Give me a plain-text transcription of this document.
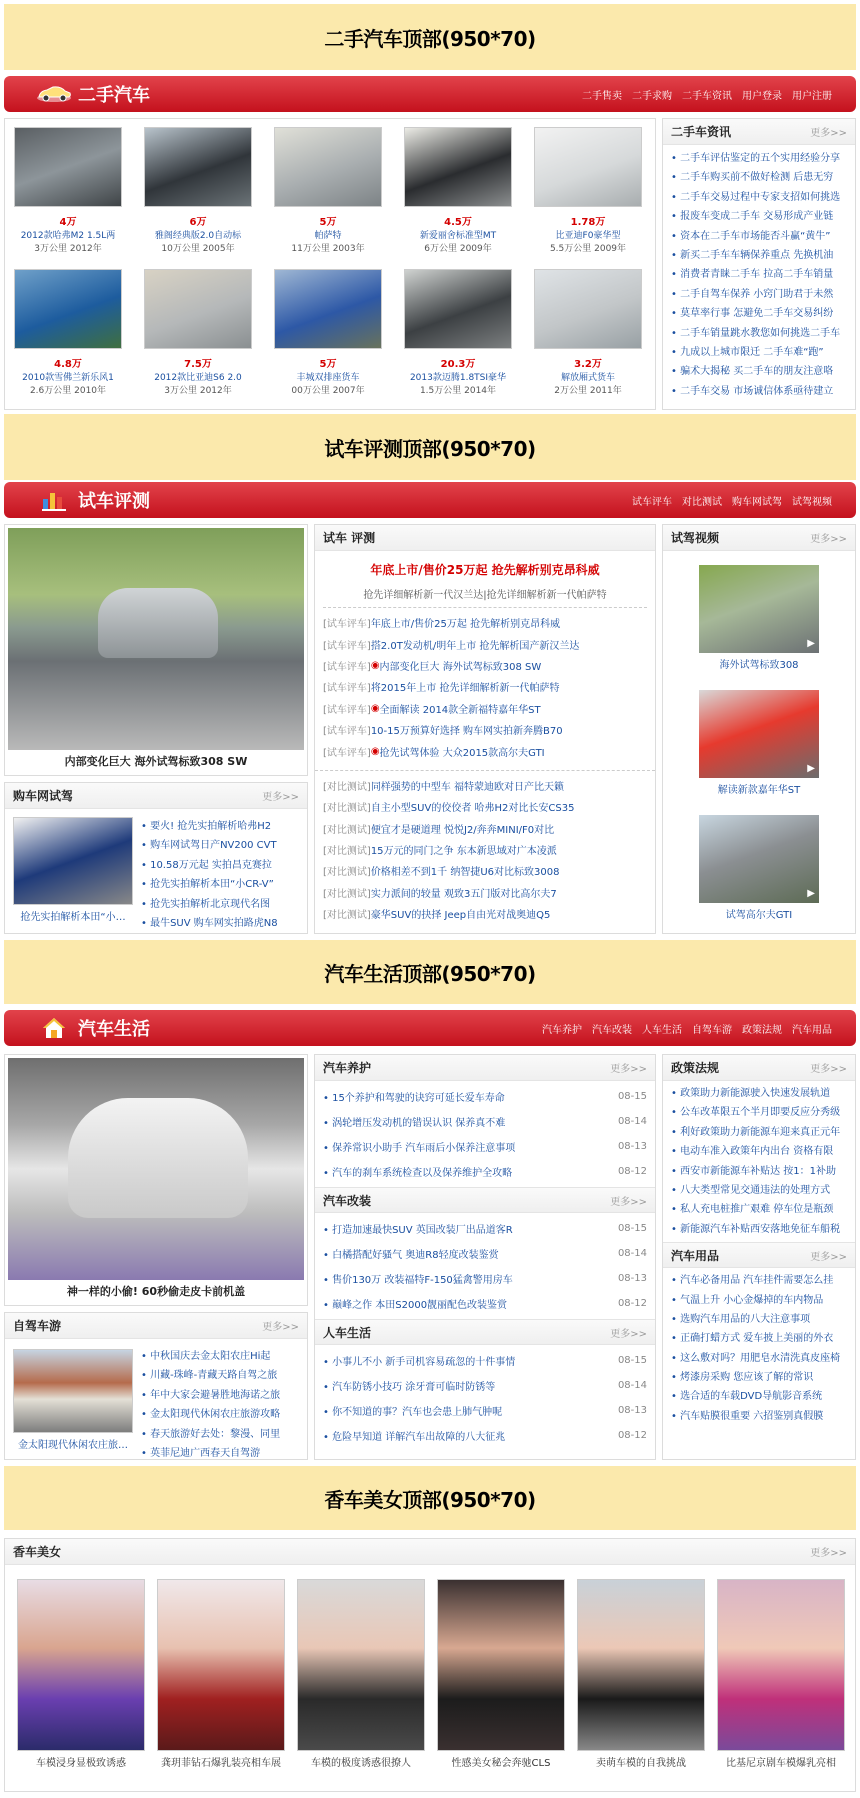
二手汽车顶部(950*70)
二手汽车	二手售卖 二手求购 二手车资讯 用户登录 用户注册
4万
2012款哈弗M2 1.5L两
3万公里 2012年
6万
雅阁经典版2.0自动标
10万公里 2005年
5万
帕萨特
11万公里 2003年
4.5万
新爱丽舍标准型MT
6万公里 2009年
1.78万
比亚迪F0豪华型
5.5万公里 2009年
4.8万
2010款雪佛兰新乐风1
2.6万公里 2010年
7.5万
2012款比亚迪S6 2.0
3万公里 2012年
5万
丰城双排座货车
00万公里 2007年
20.3万
2013款迈腾1.8TSI豪华
1.5万公里 2014年
3.2万
解放厢式货车
2万公里 2011年
二手车资讯	更多>>
• 二手车评估鉴定的五个实用经验分享
• 二手车购买前不做好检测 后患无穷
• 二手车交易过程中专家支招如何挑选
• 报废车变成二手车 交易形成产业链
• 资本在二手车市场能否斗赢“黄牛”
• 新买二手车车辆保养重点 先换机油
• 消费者青睐二手车 拉高二手车销量
• 二手自驾车保养 小窍门助君于未然
• 莫草率行事 怎避免二手车交易纠纷
• 二手车销量跳水教您如何挑选二手车
• 九成以上城市限迁 二手车难“跑”
• 骗术大揭秘 买二手车的朋友注意咯
• 二手车交易 市场诚信体系亟待建立
试车评测顶部(950*70)
试车评测	试车评车 对比测试 购车网试驾 试驾视频
内部变化巨大 海外试驾标致308 SW
购车网试驾	更多>>
抢先实拍解析本田“小…
• 要火! 抢先实拍解析哈弗H2
• 购车网试驾日产NV200 CVT
• 10.58万元起 实拍昌克赛拉
• 抢先实拍解析本田“小CR-V”
• 抢先实拍解析北京现代名图
• 最牛SUV 购车网实拍路虎N8
试车 评测
年底上市/售价25万起 抢先解析别克昂科威
抢先详细解析新一代汉兰达|抢先详细解析新一代帕萨特
[试车评车] 年底上市/售价25万起 抢先解析别克昂科威
[试车评车] 搭2.0T发动机/明年上市 抢先解析国产新汉兰达
[试车评车] ◉ 内部变化巨大 海外试驾标致308 SW
[试车评车] 将2015年上市 抢先详细解析新一代帕萨特
[试车评车] ◉ 全面解读 2014款全新福特嘉年华ST
[试车评车] 10-15万预算好选择 购车网实拍新奔腾B70
[试车评车] ◉ 抢先试驾体验 大众2015款高尔夫GTI
[对比测试] 同样强势的中型车 福特蒙迪欧对日产比天籁
[对比测试] 自主小型SUV的佼佼者 哈弗H2对比长安CS35
[对比测试] 便宜才是硬道理 悦悦J2/奔奔MINI/F0对比
[对比测试] 15万元的同门之争 东本新思域对广本凌派
[对比测试] 价格相差不到1千 纳智捷U6对比标致3008
[对比测试] 实力派间的较量 观致3五门版对比高尔夫7
[对比测试] 豪华SUV的抉择 Jeep自由光对战奥迪Q5
试驾视频	更多>>
▶
海外试驾标致308
▶
解读新款嘉年华ST
▶
试驾高尔夫GTI
汽车生活顶部(950*70)
汽车生活	汽车养护 汽车改装 人车生活 自驾车游 政策法规 汽车用品
神一样的小偷! 60秒偷走皮卡前机盖
自驾车游	更多>>
金太阳现代休闲农庄旅…
• 中秋国庆去金太阳农庄Hi起
• 川藏-珠峰-青藏天路自驾之旅
• 年中大家会避暑胜地海诺之旅
• 金太阳现代休闲农庄旅游攻略
• 春天旅游好去处：黎漫、同里
• 英菲尼迪广西春天自驾游
汽车养护	更多>>
• 15个养护和驾驶的诀窍可延长爱车寿命	08-15
• 涡轮增压发动机的错误认识 保养真不难	08-14
• 保养常识小助手 汽车雨后小保养注意事项	08-13
• 汽车的刹车系统检查以及保养维护全攻略	08-12
汽车改装	更多>>
• 打造加速最快SUV 英国改装厂出品道客R	08-15
• 白橘搭配好骚气 奥迪R8轻度改装鉴赏	08-14
• 售价130万 改装福特F-150猛禽警用房车	08-13
• 巅峰之作 本田S2000靓丽配色改装鉴赏	08-12
人车生活	更多>>
• 小事儿不小 新手司机容易疏忽的十件事情	08-15
• 汽车防锈小技巧 涂牙膏可临时防锈等	08-14
• 你不知道的事？汽车也会患上肺气肿呢	08-13
• 危险早知道 详解汽车出故障的八大征兆	08-12
政策法规	更多>>
• 政策助力新能源驶入快速发展轨道
• 公车改革限五个半月即要反应分秀级
• 利好政策助力新能源车迎来真正元年
• 电动车准入政策年内出台 资格有限
• 西安市新能源车补贴达 按1：1补助
• 八大类型常见交通违法的处理方式
• 私人充电桩推广艰难 停车位是瓶颈
• 新能源汽车补贴西安落地免征车船税
汽车用品	更多>>
• 汽车必备用品 汽车挂件需要怎么挂
• 气温上升 小心金爆掉的车内物品
• 选购汽车用品的八大注意事项
• 正确打蜡方式 爱车披上美丽的外衣
• 这么敷对吗？用肥皂水清洗真皮座椅
• 烤漆房采购 您应该了解的常识
• 选合适的车载DVD导航影音系统
• 汽车贴膜很重要 六招鉴别真假膜
香车美女顶部(950*70)
香车美女	更多>>
车模浸身显极致诱惑	龚玥菲钻石爆乳装亮相车展	车模的极度诱惑很撩人	性感美女秘会奔驰CLS	卖萌车模的自我挑战	比基尼京剧车模爆乳亮相
